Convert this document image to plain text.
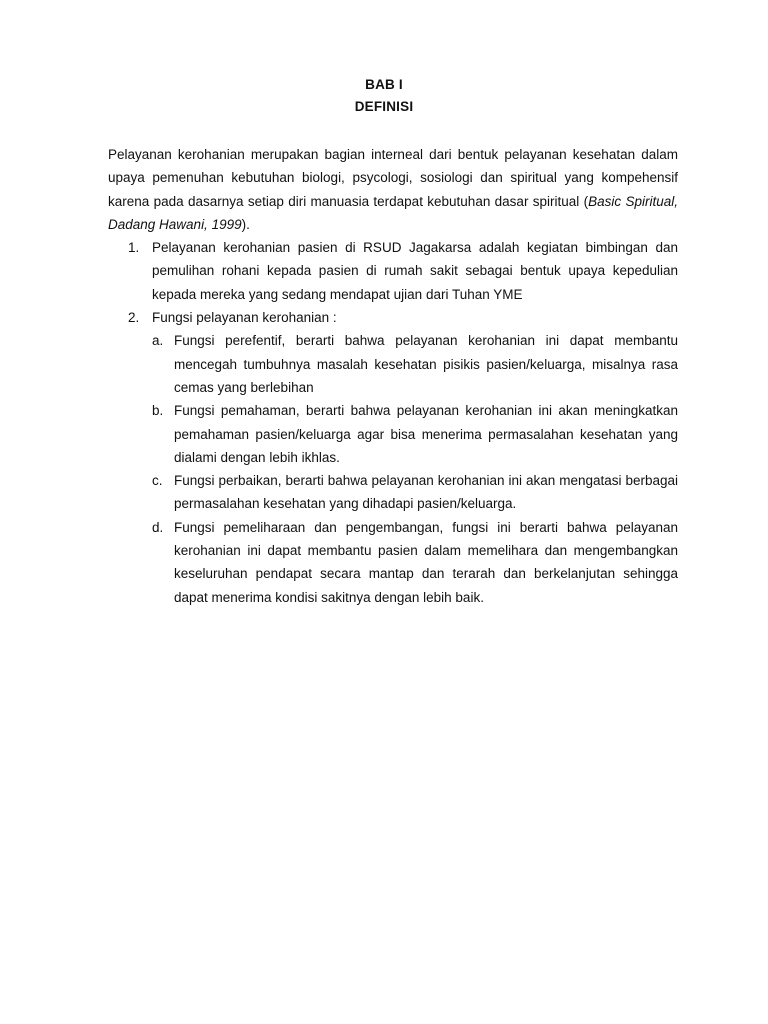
BAB I
DEFINISI

Pelayanan kerohanian merupakan bagian interneal dari bentuk pelayanan kesehatan dalam upaya pemenuhan kebutuhan biologi, psycologi, sosiologi dan spiritual yang kompehensif karena pada dasarnya setiap diri manuasia terdapat kebutuhan dasar spiritual (Basic Spiritual, Dadang Hawani, 1999).

1. Pelayanan kerohanian pasien di RSUD Jagakarsa adalah kegiatan bimbingan dan pemulihan rohani kepada pasien di rumah sakit sebagai bentuk upaya kepedulian kepada mereka yang sedang mendapat ujian dari Tuhan YME
2. Fungsi pelayanan kerohanian :
a. Fungsi perefentif, berarti bahwa pelayanan kerohanian ini dapat membantu mencegah tumbuhnya masalah kesehatan pisikis pasien/keluarga, misalnya rasa cemas yang berlebihan
b. Fungsi pemahaman, berarti bahwa pelayanan kerohanian ini akan meningkatkan pemahaman pasien/keluarga agar bisa menerima permasalahan kesehatan yang dialami dengan lebih ikhlas.
c. Fungsi perbaikan, berarti bahwa pelayanan kerohanian ini akan mengatasi berbagai permasalahan kesehatan yang dihadapi pasien/keluarga.
d. Fungsi pemeliharaan dan pengembangan, fungsi ini berarti bahwa pelayanan kerohanian ini dapat membantu pasien dalam memelihara dan mengembangkan keseluruhan pendapat secara mantap dan terarah dan berkelanjutan sehingga dapat menerima kondisi sakitnya dengan lebih baik.
